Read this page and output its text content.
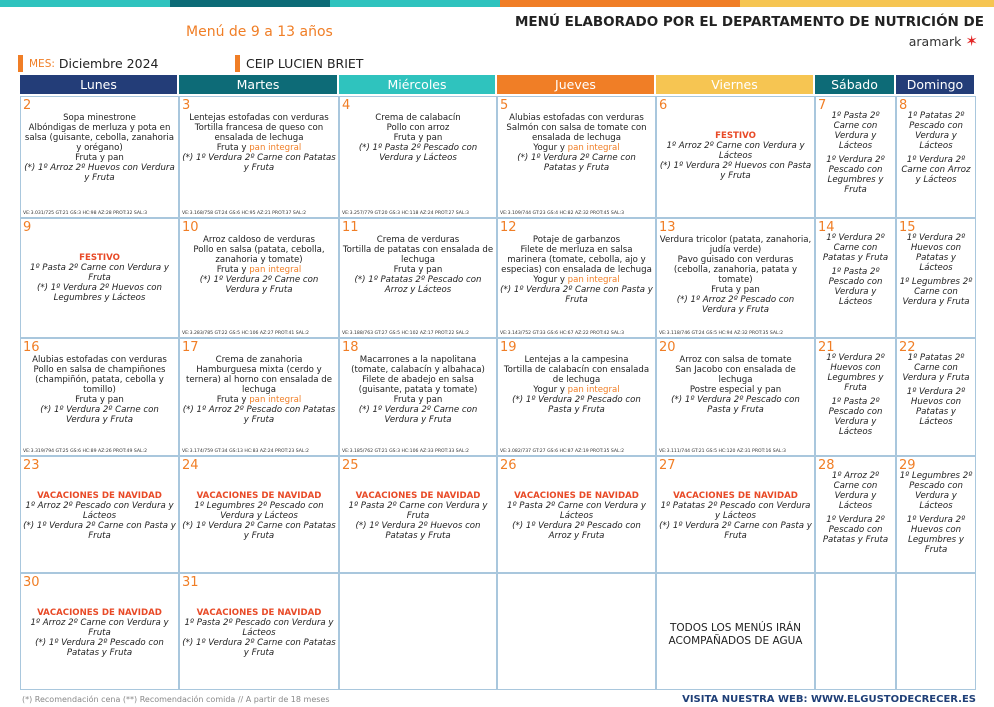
Menú de 9 a 13 años
MENÚ ELABORADO POR EL DEPARTAMENTO DE NUTRICIÓN DE
aramark ✶
MES: Diciembre 2024	CEIP LUCIEN BRIET
Lunes	Martes	Miércoles	Jueves	Viernes	Sábado	Domingo
2
Sopa minestrone
Albóndigas de merluza y pota en salsa (guisante, cebolla, zanahoria y orégano)
Fruta y pan
(*) 1º Arroz 2º Huevos con Verdura y Fruta
VE:3.031/725 GT:21 GS:3 HC:98 AZ:28 PROT:32 SAL:3
3
Lentejas estofadas con verduras
Tortilla francesa de queso con ensalada de lechuga
Fruta y pan integral
(*) 1º Verdura 2º Carne con Patatas y Fruta
VE:3.168/758 GT:24 GS:6 HC:95 AZ:21 PROT:37 SAL:2
4
Crema de calabacín
Pollo con arroz
Fruta y pan
(*) 1º Pasta 2º Pescado con Verdura y Lácteos
VE:3.257/779 GT:20 GS:3 HC:118 AZ:24 PROT:27 SAL:3
5
Alubias estofadas con verduras
Salmón con salsa de tomate con ensalada de lechuga
Yogur y pan integral
(*) 1º Verdura 2º Carne con Patatas y Fruta
VE:3.109/744 GT:23 GS:4 HC:82 AZ:32 PROT:45 SAL:3
6
FESTIVO
1º Arroz 2º Carne con Verdura y Lácteos
(*) 1º Verdura 2º Huevos con Pasta y Fruta
7
1º Pasta 2º Carne con Verdura y Lácteos
1º Verdura 2º Pescado con Legumbres y Fruta
8
1º Patatas 2º Pescado con Verdura y Lácteos
1º Verdura 2º Carne con Arroz y Lácteos
9
FESTIVO
1º Pasta 2º Carne con Verdura y Fruta
(*) 1º Verdura 2º Huevos con Legumbres y Lácteos
10
Arroz caldoso de verduras
Pollo en salsa (patata, cebolla, zanahoria y tomate)
Fruta y pan integral
(*) 1º Verdura 2º Carne con Verdura y Fruta
VE:3.283/785 GT:22 GS:5 HC:106 AZ:27 PROT:41 SAL:2
11
Crema de verduras
Tortilla de patatas con ensalada de lechuga
Fruta y pan
(*) 1º Patatas 2º Pescado con Arroz y Lácteos
VE:3.188/763 GT:27 GS:5 HC:102 AZ:17 PROT:22 SAL:2
12
Potaje de garbanzos
Filete de merluza en salsa marinera (tomate, cebolla, ajo y especias) con ensalada de lechuga
Yogur y pan integral
(*) 1º Verdura 2º Carne con Pasta y Fruta
VE:3.143/752 GT:33 GS:6 HC:67 AZ:22 PROT:42 SAL:3
13
Verdura tricolor (patata, zanahoria, judía verde)
Pavo guisado con verduras (cebolla, zanahoria, patata y tomate)
Fruta y pan
(*) 1º Arroz 2º Pescado con Verdura y Fruta
VE:3.118/746 GT:24 GS:5 HC:94 AZ:32 PROT:35 SAL:2
14
1º Verdura 2º Carne con Patatas y Fruta
1º Pasta 2º Pescado con Verdura y Lácteos
15
1º Verdura 2º Huevos con Patatas y Lácteos
1º Legumbres 2º Carne con Verdura y Fruta
16
Alubias estofadas con verduras
Pollo en salsa de champiñones (champiñón, patata, cebolla y tomillo)
Fruta y pan
(*) 1º Verdura 2º Carne con Verdura y Fruta
VE:3.319/794 GT:25 GS:6 HC:89 AZ:26 PROT:49 SAL:2
17
Crema de zanahoria
Hamburguesa mixta (cerdo y ternera) al horno con ensalada de lechuga
Fruta y pan integral
(*) 1º Arroz 2º Pescado con Patatas y Fruta
VE:3.174/759 GT:34 GS:13 HC:83 AZ:24 PROT:23 SAL:2
18
Macarrones a la napolitana (tomate, calabacín y albahaca)
Filete de abadejo en salsa (guisante, patata y tomate)
Fruta y pan
(*) 1º Verdura 2º Carne con Verdura y Fruta
VE:3.185/762 GT:21 GS:3 HC:106 AZ:33 PROT:33 SAL:2
19
Lentejas a la campesina
Tortilla de calabacín con ensalada de lechuga
Yogur y pan integral
(*) 1º Verdura 2º Pescado con Pasta y Fruta
VE:3.082/737 GT:27 GS:6 HC:87 AZ:19 PROT:35 SAL:2
20
Arroz con salsa de tomate
San Jacobo con ensalada de lechuga
Postre especial y pan
(*) 1º Verdura 2º Pescado con Pasta y Fruta
VE:3.111/744 GT:21 GS:5 HC:120 AZ:31 PROT:16 SAL:3
21
1º Verdura 2º Huevos con Legumbres y Fruta
1º Pasta 2º Pescado con Verdura y Lácteos
22
1º Patatas 2º Carne con Verdura y Fruta
1º Verdura 2º Huevos con Patatas y Lácteos
23
VACACIONES DE NAVIDAD
1º Arroz 2º Pescado con Verdura y Lácteos
(*) 1º Verdura 2º Carne con Pasta y Fruta
24
VACACIONES DE NAVIDAD
1º Legumbres 2º Pescado con Verdura y Lácteos
(*) 1º Verdura 2º Carne con Patatas y Fruta
25
VACACIONES DE NAVIDAD
1º Pasta 2º Carne con Verdura y Fruta
(*) 1º Verdura 2º Huevos con Patatas y Fruta
26
VACACIONES DE NAVIDAD
1º Pasta 2º Carne con Verdura y Lácteos
(*) 1º Verdura 2º Pescado con Arroz y Fruta
27
VACACIONES DE NAVIDAD
1º Patatas 2º Pescado con Verdura y Lácteos
(*) 1º Verdura 2º Carne con Pasta y Fruta
28
1º Arroz 2º Carne con Verdura y Lácteos
1º Verdura 2º Pescado con Patatas y Fruta
29
1º Legumbres 2º Pescado con Verdura y Lácteos
1º Verdura 2º Huevos con Legumbres y Fruta
30
VACACIONES DE NAVIDAD
1º Arroz 2º Carne con Verdura y Fruta
(*) 1º Verdura 2º Pescado con Patatas y Fruta
31
VACACIONES DE NAVIDAD
1º Pasta 2º Pescado con Verdura y Lácteos
(*) 1º Verdura 2º Carne con Patatas y Fruta
TODOS LOS MENÚS IRÁN ACOMPAÑADOS DE AGUA
(*) Recomendación cena (**) Recomendación comida // A partir de 18 meses	VISITA NUESTRA WEB: WWW.ELGUSTODECRECER.ES
